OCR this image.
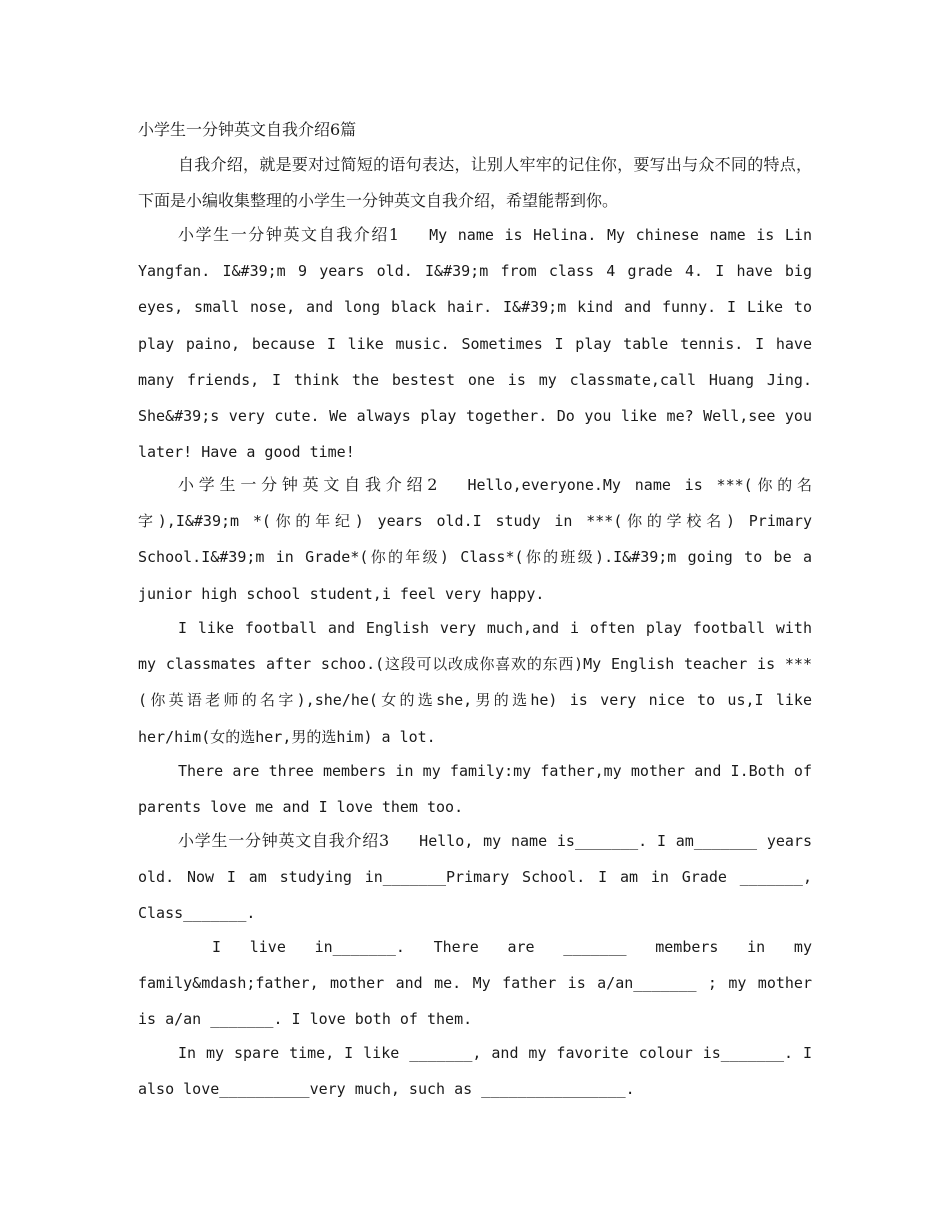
小学生一分钟英文自我介绍6篇

自我介绍，就是要对过简短的语句表达，让别人牢牢的记住你，要写出与众不同的特点，下面是小编收集整理的小学生一分钟英文自我介绍，希望能帮到你。

小学生一分钟英文自我介绍1 My name is Helina. My chinese name is Lin Yangfan. I&#39;m 9 years old. I&#39;m from class 4 grade 4. I have big eyes, small nose, and long black hair. I&#39;m kind and funny. I Like to play paino, because I like music. Sometimes I play table tennis. I have many friends, I think the bestest one is my classmate,call Huang Jing. She&#39;s very cute. We always play together. Do you like me? Well,see you later! Have a good time!

小学生一分钟英文自我介绍2 Hello,everyone.My name is ***(你的名字),I&#39;m *(你的年纪) years old.I study in ***(你的学校名) Primary School.I&#39;m in Grade*(你的年级) Class*(你的班级).I&#39;m going to be a junior high school student,i feel very happy.

I like football and English very much,and i often play football with my classmates after schoo.(这段可以改成你喜欢的东西)My English teacher is ***(你英语老师的名字),she/he(女的选she,男的选he) is very nice to us,I like her/him(女的选her,男的选him) a lot.

There are three members in my family:my father,my mother and I.Both of parents love me and I love them too.

小学生一分钟英文自我介绍3 Hello, my name is_______. I am_______ years old. Now I am studying in_______Primary School. I am in Grade _______, Class_______.

I live in_______. There are _______ members in my family&mdash;father, mother and me. My father is a/an_______ ; my mother is a/an _______. I love both of them.

In my spare time, I like _______, and my favorite colour is_______. I also love__________very much, such as ________________.
